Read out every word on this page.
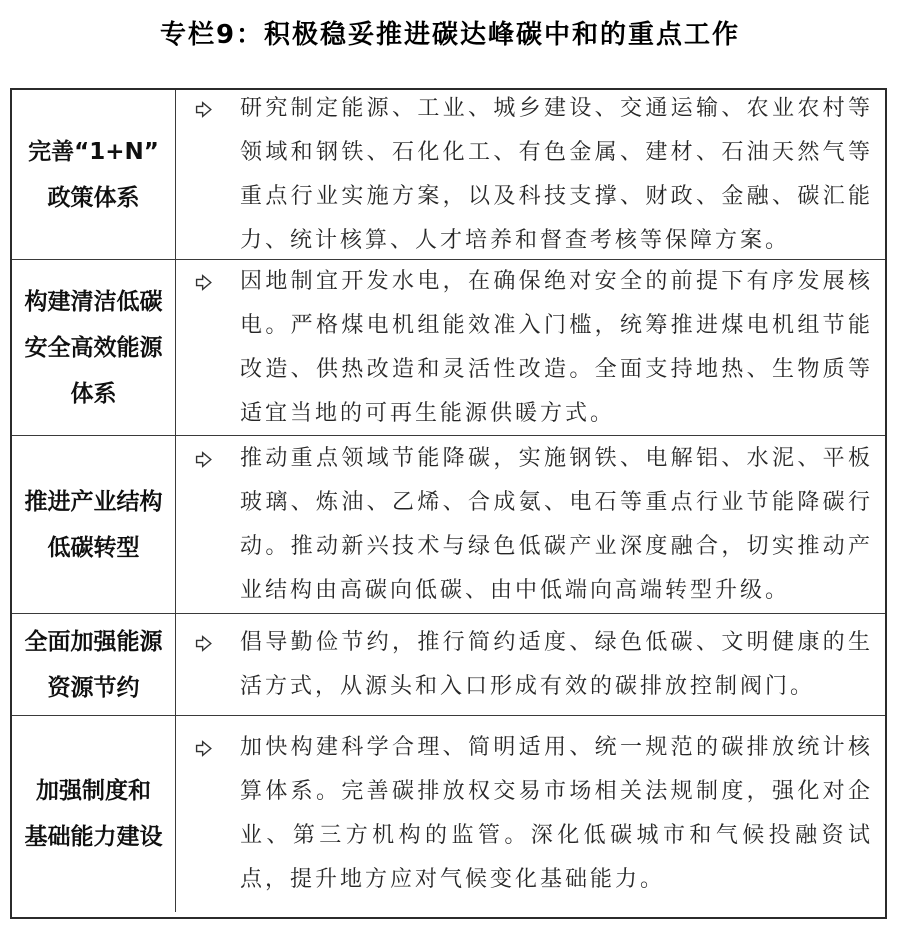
专栏9：积极稳妥推进碳达峰碳中和的重点工作
完善“1+N”
政策体系

研究制定能源、工业、城乡建设、交通运输、农业农村等领域和钢铁、石化化工、有色金属、建材、石油天然气等重点行业实施方案，以及科技支撑、财政、金融、碳汇能力、统计核算、人才培养和督查考核等保障方案。

构建清洁低碳
安全高效能源
体系

因地制宜开发水电，在确保绝对安全的前提下有序发展核电。严格煤电机组能效准入门槛，统筹推进煤电机组节能改造、供热改造和灵活性改造。全面支持地热、生物质等适宜当地的可再生能源供暖方式。

推进产业结构
低碳转型

推动重点领域节能降碳，实施钢铁、电解铝、水泥、平板玻璃、炼油、乙烯、合成氨、电石等重点行业节能降碳行动。推动新兴技术与绿色低碳产业深度融合，切实推动产业结构由高碳向低碳、由中低端向高端转型升级。

全面加强能源
资源节约

倡导勤俭节约，推行简约适度、绿色低碳、文明健康的生活方式，从源头和入口形成有效的碳排放控制阀门。

加强制度和
基础能力建设

加快构建科学合理、简明适用、统一规范的碳排放统计核算体系。完善碳排放权交易市场相关法规制度，强化对企业、第三方机构的监管。深化低碳城市和气候投融资试点，提升地方应对气候变化基础能力。
